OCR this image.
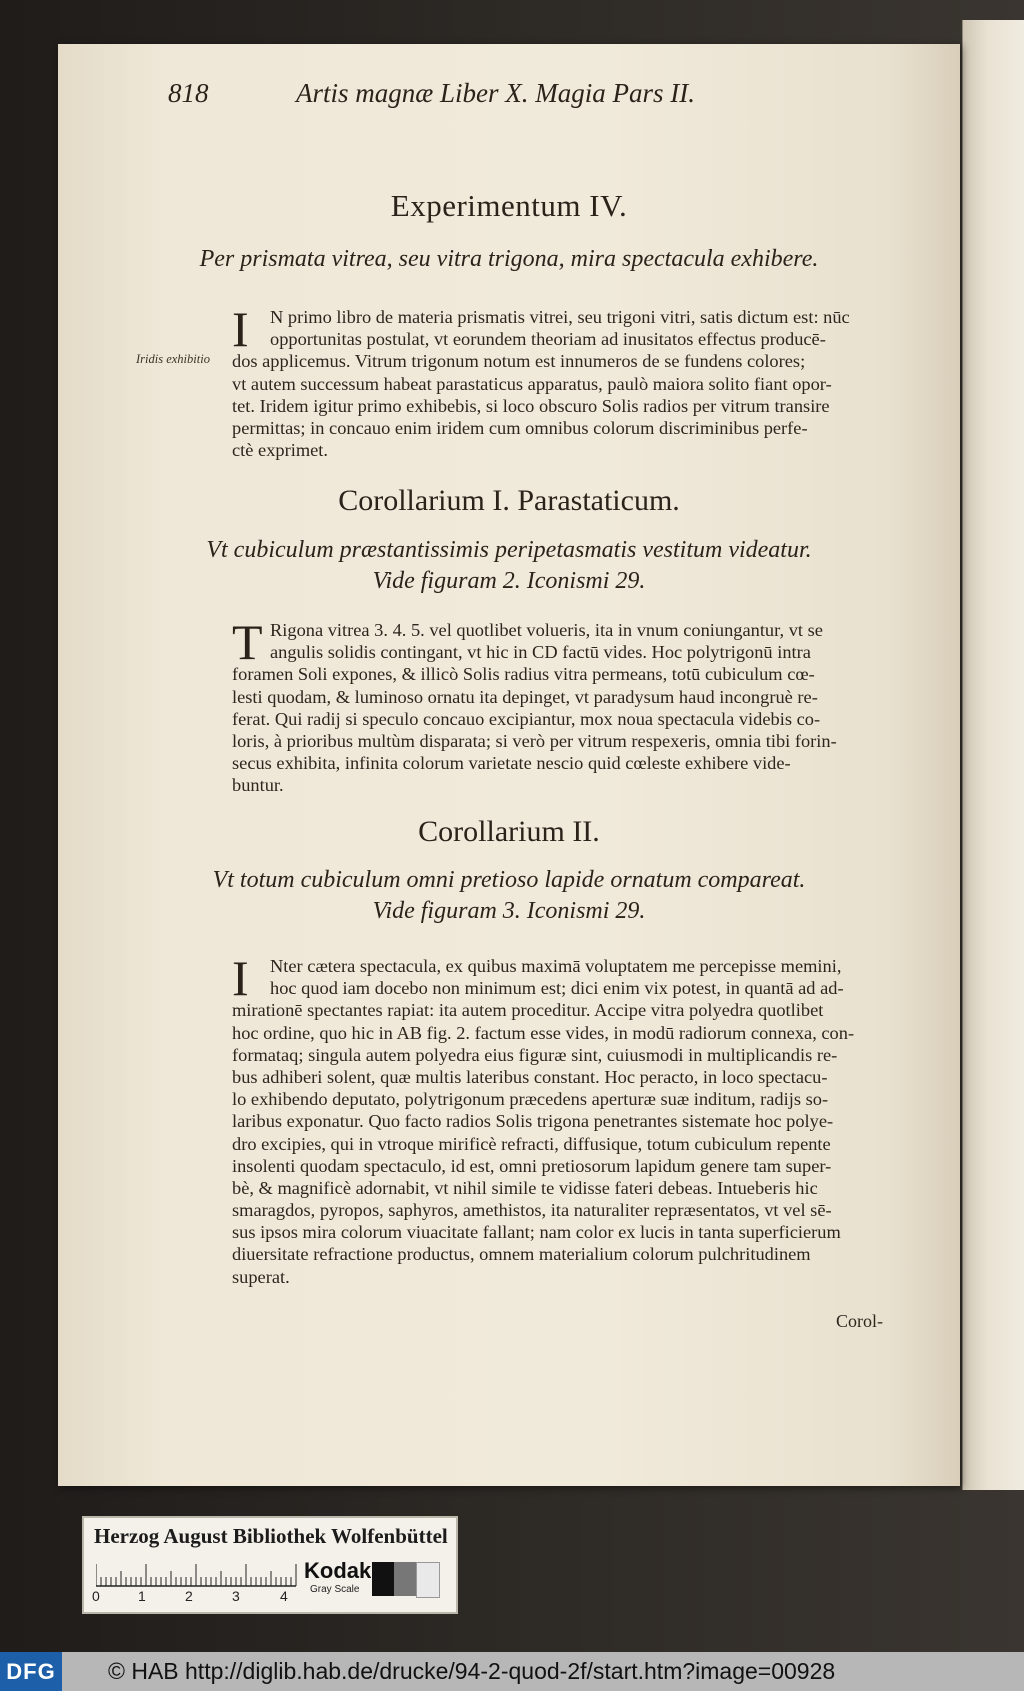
818	Artis magnæ Liber X. Magia Pars II.
Experimentum IV.
Per prismata vitrea, seu vitra trigona, mira spectacula exhibere.
Iridis exhibitio
I	N primo libro de materia prismatis vitrei, seu trigoni vitri, satis dictum est: nūc
opportunitas postulat, vt eorundem theoriam ad inusitatos effectus producē-
dos applicemus. Vitrum trigonum notum est innumeros de se fundens colores;
vt autem successum habeat parastaticus apparatus, paulò maiora solito fiant opor-
tet. Iridem igitur primo exhibebis, si loco obscuro Solis radios per vitrum transire
permittas; in concauo enim iridem cum omnibus colorum discriminibus perfe-
ctè exprimet.
Corollarium I. Parastaticum.
Vt cubiculum præstantissimis peripetasmatis vestitum videatur.
Vide figuram 2. Iconismi 29.
T Rigona vitrea 3. 4. 5. vel quotlibet volueris, ita in vnum coniungantur, vt se
angulis solidis contingant, vt hic in CD factū vides. Hoc polytrigonū intra
foramen Soli expones, & illicò Solis radius vitra permeans, totū cubiculum cœ-
lesti quodam, & luminoso ornatu ita depinget, vt paradysum haud incongruè re-
ferat. Qui radij si speculo concauo excipiantur, mox noua spectacula videbis co-
loris, à prioribus multùm disparata; si verò per vitrum respexeris, omnia tibi forin-
secus exhibita, infinita colorum varietate nescio quid cœleste exhibere vide-
buntur.
Corollarium II.
Vt totum cubiculum omni pretioso lapide ornatum compareat.
Vide figuram 3. Iconismi 29.
I	Nter cætera spectacula, ex quibus maximā voluptatem me percepisse memini,
hoc quod iam docebo non minimum est; dici enim vix potest, in quantā ad ad-
mirationē spectantes rapiat: ita autem proceditur. Accipe vitra polyedra quotlibet
hoc ordine, quo hic in AB fig. 2. factum esse vides, in modū radiorum connexa, con-
formataq; singula autem polyedra eius figuræ sint, cuiusmodi in multiplicandis re-
bus adhiberi solent, quæ multis lateribus constant. Hoc peracto, in loco spectacu-
lo exhibendo deputato, polytrigonum præcedens aperturæ suæ inditum, radijs so-
laribus exponatur. Quo facto radios Solis trigona penetrantes sistemate hoc polye-
dro excipies, qui in vtroque mirificè refracti, diffusique, totum cubiculum repente
insolenti quodam spectaculo, id est, omni pretiosorum lapidum genere tam super-
bè, & magnificè adornabit, vt nihil simile te vidisse fateri debeas. Intueberis hic
smaragdos, pyropos, saphyros, amethistos, ita naturaliter repræsentatos, vt vel sē-
sus ipsos mira colorum viuacitate fallant; nam color ex lucis in tanta superficierum
diuersitate refractione productus, omnem materialium colorum pulchritudinem
superat.
Corol-
Herzog August Bibliothek Wolfenbüttel
0	1	2	3	4
Kodak
Gray Scale
DFG © HAB http://diglib.hab.de/drucke/94-2-quod-2f/start.htm?image=00928
